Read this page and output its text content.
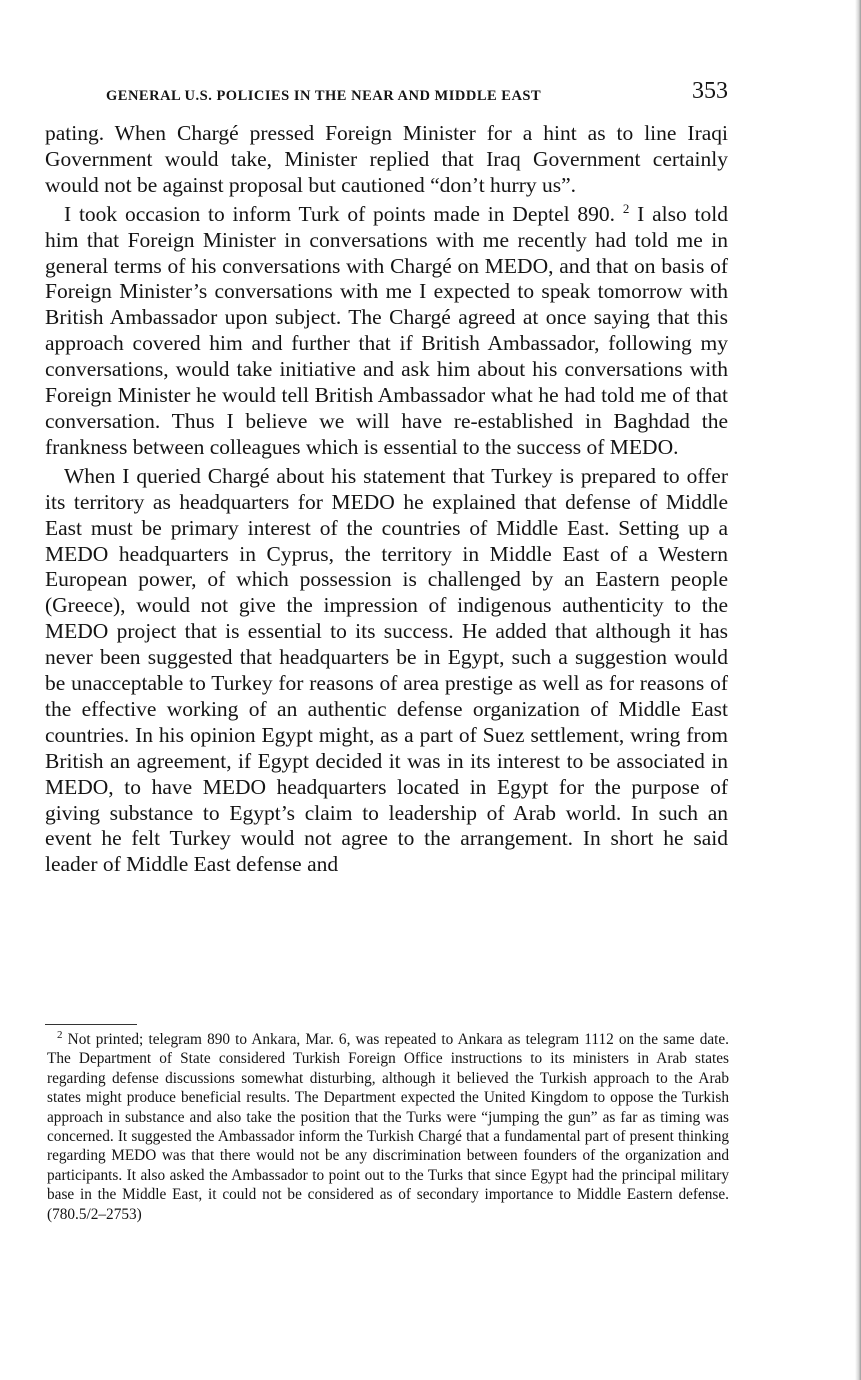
GENERAL U.S. POLICIES IN THE NEAR AND MIDDLE EAST	353

pating. When Chargé pressed Foreign Minister for a hint as to line Iraqi Government would take, Minister replied that Iraq Government certainly would not be against proposal but cautioned “don’t hurry us”.

I took occasion to inform Turk of points made in Deptel 890. $^2$ I also told him that Foreign Minister in conversations with me recently had told me in general terms of his conversations with Chargé on MEDO, and that on basis of Foreign Minister’s conversations with me I expected to speak tomorrow with British Ambassador upon subject. The Chargé agreed at once saying that this approach covered him and further that if British Ambassador, following my conversations, would take initiative and ask him about his conversations with Foreign Minister he would tell British Ambassador what he had told me of that conversation. Thus I believe we will have re-established in Baghdad the frankness between colleagues which is essential to the success of MEDO.

When I queried Chargé about his statement that Turkey is prepared to offer its territory as headquarters for MEDO he explained that defense of Middle East must be primary interest of the countries of Middle East. Setting up a MEDO headquarters in Cyprus, the territory in Middle East of a Western European power, of which possession is challenged by an Eastern people (Greece), would not give the impression of indigenous authenticity to the MEDO project that is essential to its success. He added that although it has never been suggested that headquarters be in Egypt, such a suggestion would be unacceptable to Turkey for reasons of area prestige as well as for reasons of the effective working of an authentic defense organization of Middle East countries. In his opinion Egypt might, as a part of Suez settlement, wring from British an agreement, if Egypt decided it was in its interest to be associated in MEDO, to have MEDO headquarters located in Egypt for the purpose of giving substance to Egypt’s claim to leadership of Arab world. In such an event he felt Turkey would not agree to the arrangement. In short he said leader of Middle East defense and

$^2$ Not printed; telegram 890 to Ankara, Mar. 6, was repeated to Ankara as telegram 1112 on the same date. The Department of State considered Turkish Foreign Office instructions to its ministers in Arab states regarding defense discussions somewhat disturbing, although it believed the Turkish approach to the Arab states might produce beneficial results. The Department expected the United Kingdom to oppose the Turkish approach in substance and also take the position that the Turks were “jumping the gun” as far as timing was concerned. It suggested the Ambassador inform the Turkish Chargé that a fundamental part of present thinking regarding MEDO was that there would not be any discrimination between founders of the organization and participants. It also asked the Ambassador to point out to the Turks that since Egypt had the principal military base in the Middle East, it could not be considered as of secondary importance to Middle Eastern defense. (780.5/2–2753)
